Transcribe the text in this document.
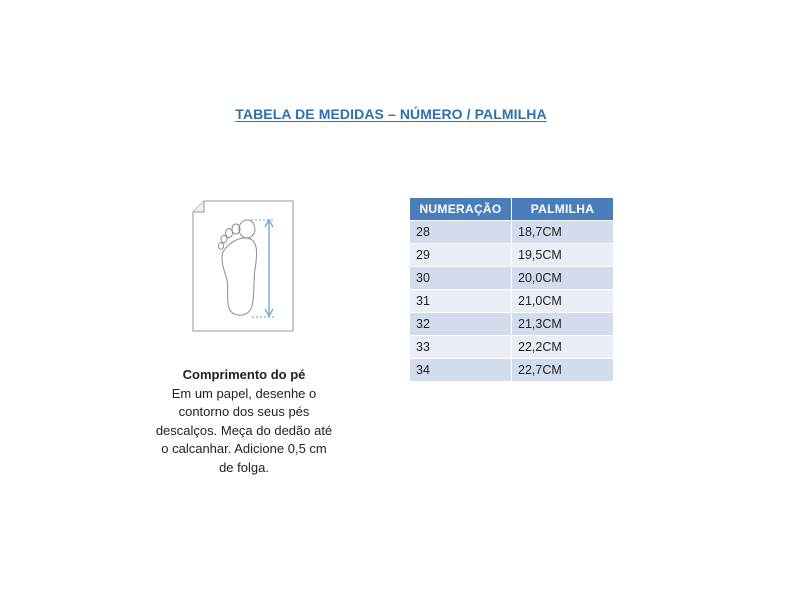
TABELA DE MEDIDAS – NÚMERO / PALMILHA
Comprimento do pé
Em um papel, desenhe o
contorno dos seus pés
descalços. Meça do dedão até
o calcanhar. Adicione 0,5 cm
de folga.
NUMERAÇÃO	PALMILHA
28	18,7CM
29	19,5CM
30	20,0CM
31	21,0CM
32	21,3CM
33	22,2CM
34	22,7CM
